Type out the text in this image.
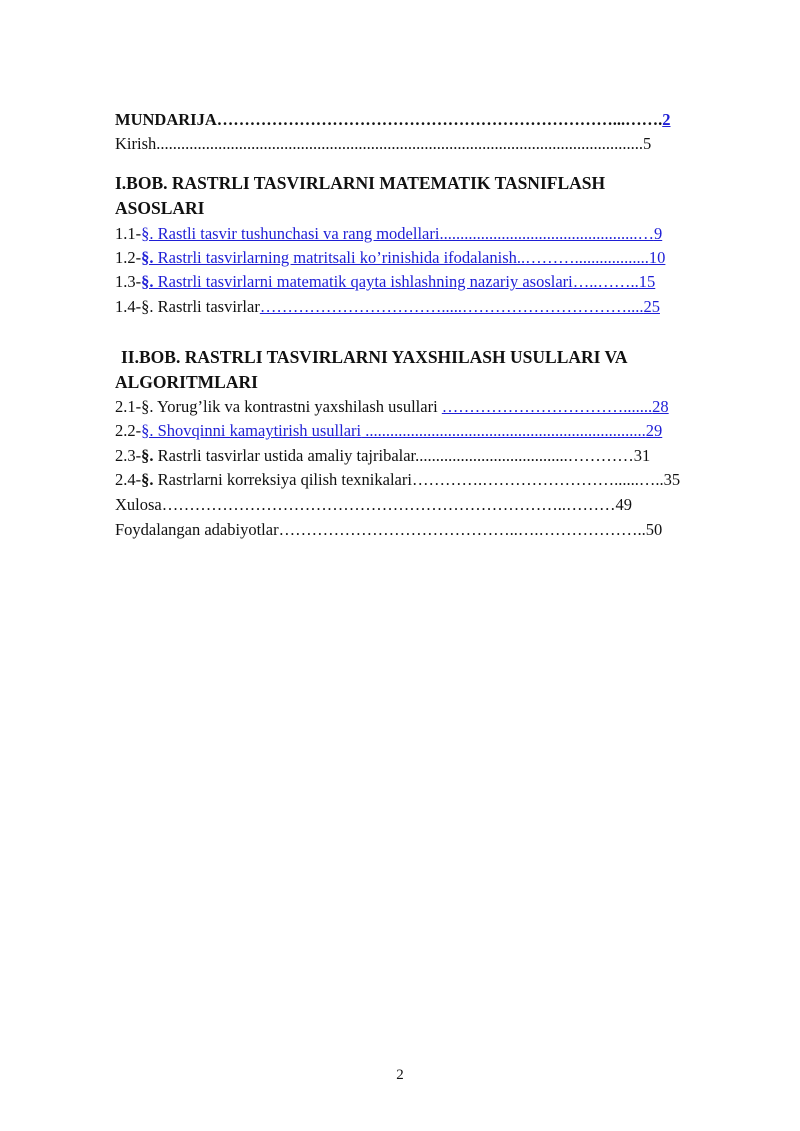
MUNDARIJA………………………………………………………………...…….2
Kirish......................................................................................................................5
I.BOB. RASTRLI TASVIRLARNI MATEMATIK TASNIFLASH
ASOSLARI
1.1-§. Rastli tasvir tushunchasi va rang modellari................................................…9
1.2-§. Rastrli tasvirlarning matritsali ko’rinishida ifodalanish..………..................10
1.3-§. Rastrli tasvirlarni matematik qayta ishlashning nazariy asoslari…..……..15
1.4-§. Rastrli tasvirlar…………………………….....…………………………....25
II.BOB. RASTRLI TASVIRLARNI YAXSHILASH USULLARI VA
ALGORITMLARI
2.1-§. Yorug’lik va kontrastni yaxshilash usullari …………………………….......28
2.2-§. Shovqinni kamaytirish usullari ....................................................................29
2.3-§. Rastrli tasvirlar ustida amaliy tajribalar.....................................…………31
2.4-§. Rastrlarni korreksiya qilish texnikalari………….……………………......…..35
Xulosa………………………………………………………………..………49
Foydalangan adabiyotlar……………………………………..….………………..50
2
